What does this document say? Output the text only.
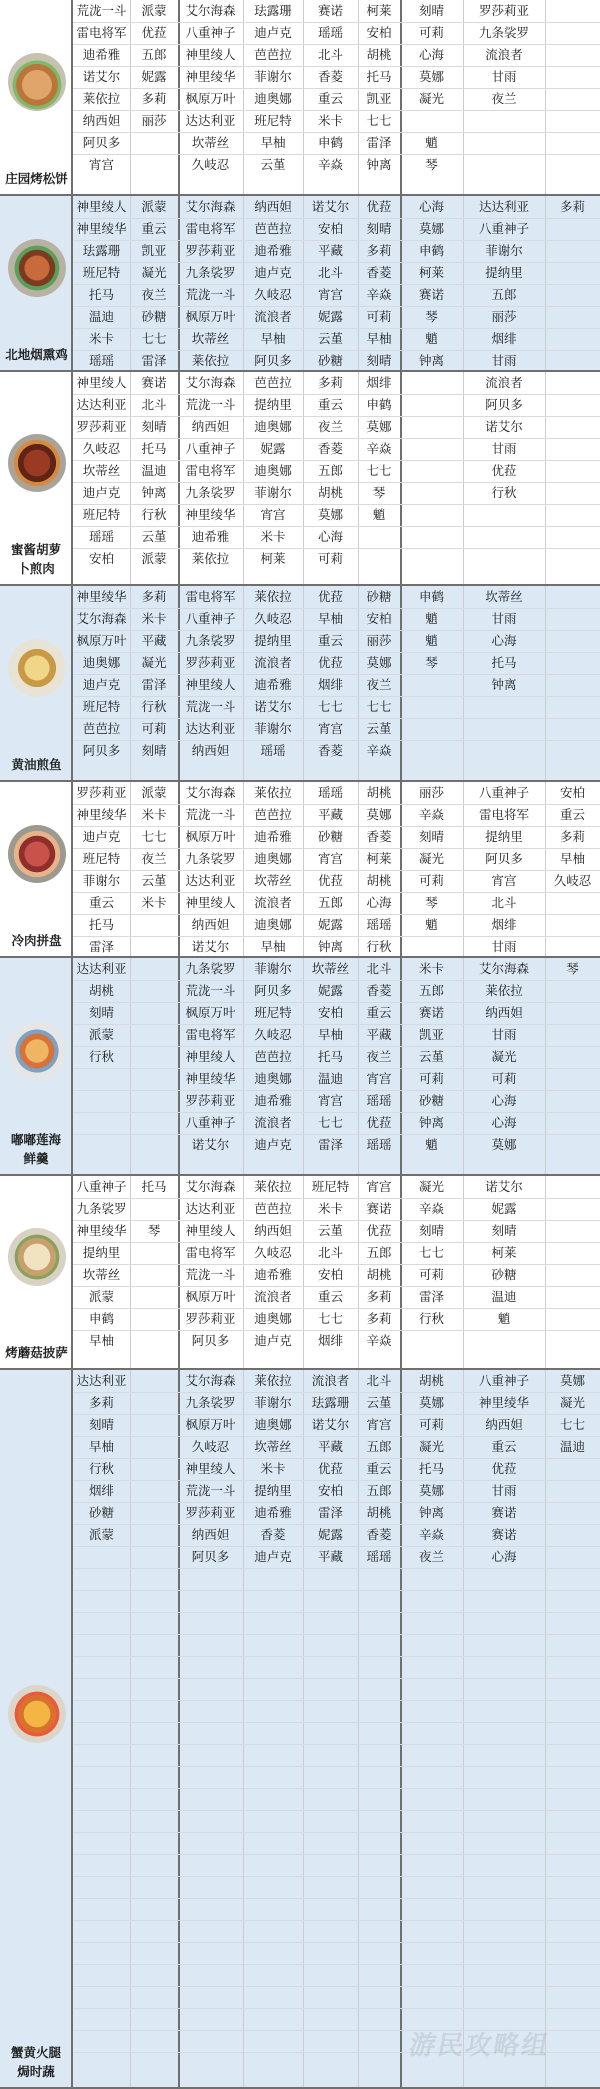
庄园烤松饼
荒泷一斗
雷电将军
迪希雅
诺艾尔
莱依拉
纳西妲
阿贝多
宵宫
派蒙
优菈
五郎
妮露
多莉
丽莎
艾尔海森
八重神子
神里绫人
神里绫华
枫原万叶
达达利亚
坎蒂丝
久岐忍
珐露珊
迪卢克
芭芭拉
菲谢尔
迪奥娜
班尼特
早柚
云堇
赛诺
瑶瑶
北斗
香菱
重云
米卡
申鹤
辛焱
柯莱
安柏
胡桃
托马
凯亚
七七
雷泽
钟离
刻晴
可莉
心海
莫娜
凝光
魈
琴
罗莎莉亚
九条裟罗
流浪者
甘雨
夜兰
北地烟熏鸡
神里绫人
神里绫华
珐露珊
班尼特
托马
温迪
米卡
瑶瑶
派蒙
重云
凯亚
凝光
夜兰
砂糖
七七
雷泽
艾尔海森
雷电将军
罗莎莉亚
九条裟罗
荒泷一斗
枫原万叶
坎蒂丝
莱依拉
纳西妲
芭芭拉
迪希雅
迪卢克
久岐忍
流浪者
早柚
阿贝多
诺艾尔
安柏
平藏
北斗
宵宫
妮露
云堇
砂糖
优菈
刻晴
多莉
香菱
辛焱
可莉
早柚
刻晴
心海
莫娜
申鹤
柯莱
赛诺
琴
魈
钟离
达达利亚
八重神子
菲谢尔
提纳里
五郎
丽莎
烟绯
甘雨
多莉
蜜酱胡萝卜煎肉
神里绫人
达达利亚
罗莎莉亚
久岐忍
坎蒂丝
迪卢克
班尼特
瑶瑶
安柏
赛诺
北斗
刻晴
托马
温迪
钟离
行秋
云堇
派蒙
艾尔海森
荒泷一斗
纳西妲
八重神子
雷电将军
九条裟罗
神里绫华
迪希雅
莱依拉
芭芭拉
提纳里
迪奥娜
妮露
迪奥娜
菲谢尔
宵宫
米卡
柯莱
多莉
重云
夜兰
香菱
五郎
胡桃
莫娜
心海
可莉
烟绯
申鹤
莫娜
辛焱
七七
琴
魈
流浪者
阿贝多
诺艾尔
甘雨
优菈
行秋
黄油煎鱼
神里绫华
艾尔海森
枫原万叶
迪奥娜
迪卢克
班尼特
芭芭拉
阿贝多
多莉
米卡
平藏
凝光
雷泽
行秋
可莉
刻晴
雷电将军
八重神子
九条裟罗
罗莎莉亚
神里绫人
荒泷一斗
达达利亚
纳西妲
莱依拉
久岐忍
提纳里
流浪者
迪希雅
诺艾尔
菲谢尔
瑶瑶
优菈
早柚
重云
优菈
烟绯
七七
宵宫
香菱
砂糖
安柏
丽莎
莫娜
夜兰
七七
云堇
辛焱
申鹤
魈
魈
琴
坎蒂丝
甘雨
心海
托马
钟离
冷肉拼盘
罗莎莉亚
神里绫华
迪卢克
班尼特
菲谢尔
重云
托马
雷泽
派蒙
米卡
七七
夜兰
云堇
米卡
艾尔海森
荒泷一斗
枫原万叶
九条裟罗
达达利亚
神里绫人
纳西妲
诺艾尔
莱依拉
芭芭拉
迪希雅
迪奥娜
坎蒂丝
流浪者
迪奥娜
早柚
瑶瑶
平藏
砂糖
宵宫
优菈
五郎
妮露
钟离
胡桃
莫娜
香菱
柯莱
胡桃
心海
瑶瑶
行秋
丽莎
辛焱
刻晴
凝光
可莉
琴
魈
八重神子
雷电将军
提纳里
阿贝多
宵宫
北斗
烟绯
甘雨
安柏
重云
多莉
早柚
久岐忍
嘟嘟莲海鲜羹
达达利亚
胡桃
刻晴
派蒙
行秋
九条裟罗
荒泷一斗
枫原万叶
雷电将军
神里绫人
神里绫华
罗莎莉亚
八重神子
诺艾尔
菲谢尔
阿贝多
班尼特
久岐忍
芭芭拉
迪奥娜
迪希雅
流浪者
迪卢克
坎蒂丝
妮露
安柏
早柚
托马
温迪
宵宫
七七
雷泽
北斗
香菱
重云
平藏
夜兰
宵宫
瑶瑶
优菈
瑶瑶
米卡
五郎
赛诺
凯亚
云堇
可莉
砂糖
钟离
魈
艾尔海森
莱依拉
纳西妲
甘雨
凝光
可莉
心海
心海
莫娜
琴
烤蘑菇披萨
八重神子
九条裟罗
神里绫华
提纳里
坎蒂丝
派蒙
申鹤
早柚
托马
琴
艾尔海森
达达利亚
神里绫人
雷电将军
荒泷一斗
枫原万叶
罗莎莉亚
阿贝多
莱依拉
芭芭拉
纳西妲
久岐忍
迪希雅
流浪者
迪奥娜
迪卢克
班尼特
米卡
云堇
北斗
安柏
重云
七七
烟绯
宵宫
赛诺
优菈
五郎
胡桃
多莉
多莉
辛焱
凝光
辛焱
刻晴
七七
可莉
雷泽
行秋
诺艾尔
妮露
刻晴
柯莱
砂糖
温迪
魈
蟹黄火腿焗时蔬
达达利亚
多莉
刻晴
早柚
行秋
烟绯
砂糖
派蒙
艾尔海森
九条裟罗
枫原万叶
久岐忍
神里绫人
荒泷一斗
罗莎莉亚
纳西妲
阿贝多
莱依拉
菲谢尔
迪奥娜
坎蒂丝
米卡
提纳里
迪希雅
香菱
迪卢克
流浪者
珐露珊
诺艾尔
平藏
优菈
安柏
雷泽
妮露
平藏
北斗
云堇
宵宫
五郎
重云
五郎
胡桃
香菱
瑶瑶
胡桃
莫娜
可莉
凝光
托马
莫娜
钟离
辛焱
夜兰
八重神子
神里绫华
纳西妲
重云
优菈
甘雨
赛诺
赛诺
心海
莫娜
凝光
七七
温迪
游民攻略组
